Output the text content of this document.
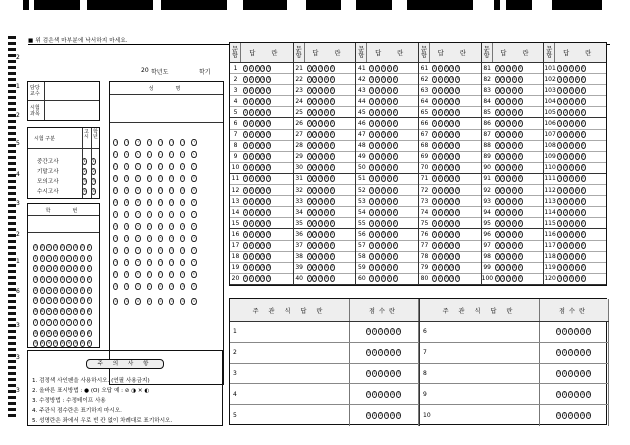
2
1
2
5
4
3
2
1
6
3
3
3
■ 위 검은색 마부분에 낙서하지 마세요.
20 학년도	학기
담당
교수
시험
과목
성　　명
ㄱ ㄱ ㄱ ㄱ ㄱ ㄱ ㄱ ㄱ
ㄴ ㄴ ㄴ ㄴ ㄴ ㄴ ㄴ ㄴ
ㄷ ㄷ ㄷ ㄷ ㄷ ㄷ ㄷ ㄷ
ㄹ ㄹ ㄹ ㄹ ㄹ ㄹ ㄹ ㄹ
ㅁ ㅁ ㅁ ㅁ ㅁ ㅁ ㅁ ㅁ
ㅂ ㅂ ㅂ ㅂ ㅂ ㅂ ㅂ ㅂ
ㅅ ㅅ ㅅ ㅅ ㅅ ㅅ ㅅ ㅅ
ㅇ ㅇ ㅇ ㅇ ㅇ ㅇ ㅇ ㅇ
ㅈ ㅈ ㅈ ㅈ ㅈ ㅈ ㅈ ㅈ
ㅊ ㅊ ㅊ ㅊ ㅊ ㅊ ㅊ ㅊ
ㅋ ㅋ ㅋ ㅋ ㅋ ㅋ ㅋ ㅋ
ㅌ ㅌ ㅌ ㅌ ㅌ ㅌ ㅌ ㅌ
ㅍ ㅍ ㅍ ㅍ ㅍ ㅍ ㅍ ㅍ
ㅎ ㅎ ㅎ ㅎ ㅎ ㅎ ㅎ ㅎ
시험 구분
고
시
학
년
중간고사	1	1
기말고사	2	2
모의고사	3	3
수시고사	4	4
학　　번
0 0 0 0 0 0 0 0 0
1 1 1 1 1 1 1 1 1
2 2 2 2 2 2 2 2 2
3 3 3 3 3 3 3 3 3
4 4 4 4 4 4 4 4 4
5 5 5 5 5 5 5 5 5
6 6 6 6 6 6 6 6 6
7 7 7 7 7 7 7 7 7
8 8 8 8 8 8 8 8 8
9 9 9 9 9 9 9 9 9
주 의 사 항
1. 검정색 사인펜을 사용하시오. (연필 사용금지)
2. 올바른 표시방법 : ● (O) 오답 예 : ⊘ ◑ ✕ ◐
3. 수정방법 : 수정테이프 사용
4. 주관식 점수란은 표기하지 마시오.
5. 성명란은 좌에서 우로 빈 칸 없이 차례대로 표기하시오.
문
항	답 란
1	1	2	3	4	5
2	1	2	3	4	5
3	1	2	3	4	5
4	1	2	3	4	5
5	1	2	3	4	5
6	1	2	3	4	5
7	1	2	3	4	5
8	1	2	3	4	5
9	1	2	3	4	5
10	1	2	3	4	5
11	1	2	3	4	5
12	1	2	3	4	5
13	1	2	3	4	5
14	1	2	3	4	5
15	1	2	3	4	5
16	1	2	3	4	5
17	1	2	3	4	5
18	1	2	3	4	5
19	1	2	3	4	5
20	1	2	3	4	5
문
항	답 란
21	1	2	3	4	5
22	1	2	3	4	5
23	1	2	3	4	5
24	1	2	3	4	5
25	1	2	3	4	5
26	1	2	3	4	5
27	1	2	3	4	5
28	1	2	3	4	5
29	1	2	3	4	5
30	1	2	3	4	5
31	1	2	3	4	5
32	1	2	3	4	5
33	1	2	3	4	5
34	1	2	3	4	5
35	1	2	3	4	5
36	1	2	3	4	5
37	1	2	3	4	5
38	1	2	3	4	5
39	1	2	3	4	5
40	1	2	3	4	5
문
항	답 란
41	1	2	3	4	5
42	1	2	3	4	5
43	1	2	3	4	5
44	1	2	3	4	5
45	1	2	3	4	5
46	1	2	3	4	5
47	1	2	3	4	5
48	1	2	3	4	5
49	1	2	3	4	5
50	1	2	3	4	5
51	1	2	3	4	5
52	1	2	3	4	5
53	1	2	3	4	5
54	1	2	3	4	5
55	1	2	3	4	5
56	1	2	3	4	5
57	1	2	3	4	5
58	1	2	3	4	5
59	1	2	3	4	5
60	1	2	3	4	5
문
항	답 란
61	1	2	3	4	5
62	1	2	3	4	5
63	1	2	3	4	5
64	1	2	3	4	5
65	1	2	3	4	5
66	1	2	3	4	5
67	1	2	3	4	5
68	1	2	3	4	5
69	1	2	3	4	5
70	1	2	3	4	5
71	1	2	3	4	5
72	1	2	3	4	5
73	1	2	3	4	5
74	1	2	3	4	5
75	1	2	3	4	5
76	1	2	3	4	5
77	1	2	3	4	5
78	1	2	3	4	5
79	1	2	3	4	5
80	1	2	3	4	5
문
항	답 란
81	1	2	3	4	5
82	1	2	3	4	5
83	1	2	3	4	5
84	1	2	3	4	5
85	1	2	3	4	5
86	1	2	3	4	5
87	1	2	3	4	5
88	1	2	3	4	5
89	1	2	3	4	5
90	1	2	3	4	5
91	1	2	3	4	5
92	1	2	3	4	5
93	1	2	3	4	5
94	1	2	3	4	5
95	1	2	3	4	5
96	1	2	3	4	5
97	1	2	3	4	5
98	1	2	3	4	5
99	1	2	3	4	5
100 1	2	3	4	5
문
항	답 란
101 1	2	3	4	5
102 1	2	3	4	5
103 1	2	3	4	5
104 1	2	3	4	5
105 1	2	3	4	5
106 1	2	3	4	5
107 1	2	3	4	5
108 1	2	3	4	5
109 1	2	3	4	5
110 1	2	3	4	5
111 1	2	3	4	5
112 1	2	3	4	5
113 1	2	3	4	5
114 1	2	3	4	5
115 1	2	3	4	5
116 1	2	3	4	5
117 1	2	3	4	5
118 1	2	3	4	5
119 1	2	3	4	5
120 1	2	3	4	5
주 관 식 답 란	점수란
1	0	1	2	3	4	5
2	0	1	2	3	4	5
3	0	1	2	3	4	5
4	0	1	2	3	4	5
5	0	1	2	3	4	5
주 관 식 답 란	점수란
6	0	1	2	3	4	5
7	0	1	2	3	4	5
8	0	1	2	3	4	5
9	0	1	2	3	4	5
10	0	1	2	3	4	5
